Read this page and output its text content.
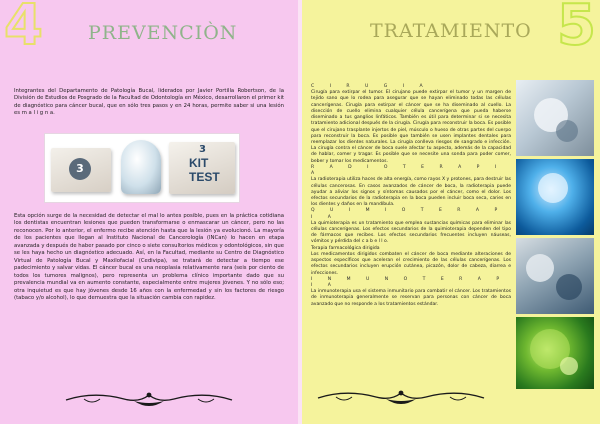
4 PREVENCIÒN

Integrantes del Departamento de Patología Bucal, liderados por Javier Portilla Robertson, de la División de Estudios de Posgrado de la Facultad de Odontología en México, desarrollaron el primer kit de diagnóstico para cáncer bucal, que en sólo tres pasos y en 24 horas, permite saber si una lesión es m a l i g n a.

3
3
KIT TEST

Esta opción surge de la necesidad de detectar el mal lo antes posible, pues en la práctica cotidiana los dentistas encuentran lesiones que pueden transformarse o enmascarar un cáncer, pero no las reconocen. Por lo anterior, el enfermo recibe atención hasta que la lesión ya evolucionó. La mayoría de los pacientes que llegan al Instituto Nacional de Cancerología (INCan) lo hacen en etapa avanzada y después de haber pasado por cinco o siete consultorios médicos y odontológicos, sin que se les haya hecho un diagnóstico adecuado. Así, en la Facultad, mediante su Centro de Diagnóstico Virtual de Patología Bucal y Maxilofacial (Cedivipa), se tratará de detectar a tiempo ese padecimiento y salvar vidas. El cáncer bucal es una neoplasia relativamente rara (seis por ciento de todos los tumores malignos), pero representa un problema clínico importante dado que su prevalencia mundial va en aumento constante, especialmente entre mujeres jóvenes. Y no sólo eso; otra inquietud es que hay jóvenes desde 16 años con la enfermedad y sin los factores de riesgo (tabaco y/o alcohol), lo que demuestra que la situación cambia con rapidez.

TRATAMIENTO 5
C I R U G I A
Cirugía para extirpar el tumor. El cirujano puede extirpar el tumor y un margen de tejido sano que lo rodea para asegurar que se hayan eliminado todas las células cancerígenas. Cirugía para extirpar el cáncer que se ha diseminado al cuello. La disección de cuello elimina cualquier célula cancerígena que pueda haberse diseminado a tus ganglios linfáticos. También es útil para determinar si se necesita tratamiento adicional después de la cirugía. Cirugía para reconstruir la boca. Es posible que el cirujano trasplante injertos de piel, músculo o hueso de otras partes del cuerpo para reconstruir la boca. Es posible que también se usen implantes dentales para reemplazar los dientes naturales. La cirugía conlleva riesgos de sangrado e infección. La cirugía contra el cáncer de boca suele afectar tu aspecto, además de la capacidad de hablar, comer y tragar. Es posible que se necesite una sonda para poder comer, beber y tomar los medicamentos.
R A D I O T E R A P I A
La radioterapia utiliza haces de alta energía, como rayos X y protones, para destruir las células cancerosas. En casos avanzados de cáncer de boca, la radioterapia puede ayudar a aliviar los signos y síntomas causados por el cáncer, como el dolor. Los efectos secundarios de la radioterapia en la boca pueden incluir boca seca, caries en los dientes y daños en la mandíbula.
Q U I M I O T E R A P I A
La quimioterapia es un tratamiento que emplea sustancias químicas para eliminar las células cancerígenas. Los efectos secundarios de la quimioterapia dependen del tipo de fármacos que recibes. Los efectos secundarios frecuentes incluyen náuseas, vómitos y pérdida del c a b e l l o.
Terapia farmacológica dirigida
Los medicamentos dirigidos combaten el cáncer de boca mediante alteraciones de aspectos específicos que aceleran el crecimiento de las células cancerígenas. Los efectos secundarios incluyen erupción cutánea, picazón, dolor de cabeza, diarrea e infecciones.
I N M U N O T E R A P I A
La inmunoterapia usa el sistema inmunitario para combatir el cáncer. Los tratamientos de inmunoterapia generalmente se reservan para personas con cáncer de boca avanzado que no responde a los tratamientos estándar.
